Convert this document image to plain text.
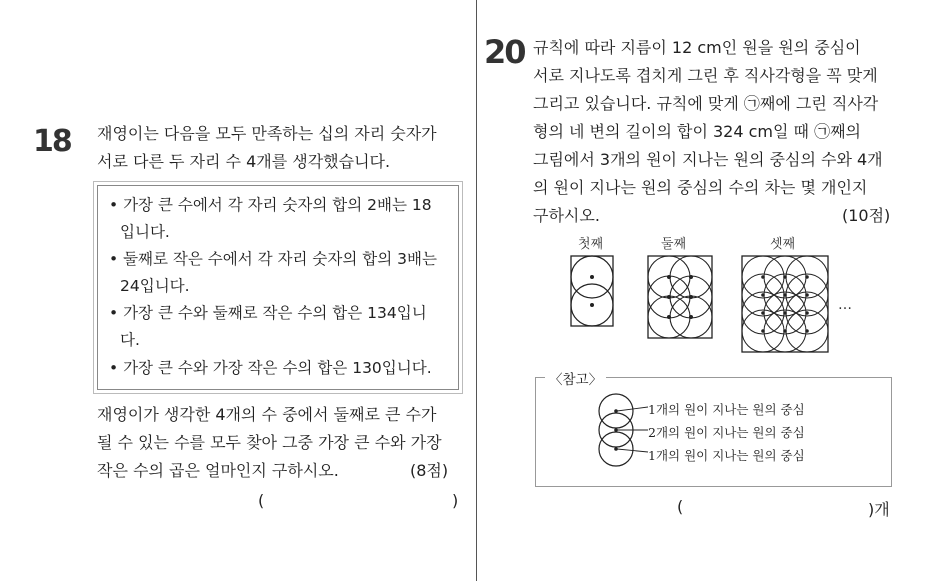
18 재영이는 다음을 모두 만족하는 십의 자리 숫자가
서로 다른 두 자리 수 4개를 생각했습니다.
• 가장 큰 수에서 각 자리 숫자의 합의 2배는 18
입니다.
• 둘째로 작은 수에서 각 자리 숫자의 합의 3배는
24입니다.
• 가장 큰 수와 둘째로 작은 수의 합은 134입니
다.
• 가장 큰 수와 가장 작은 수의 합은 130입니다.
재영이가 생각한 4개의 수 중에서 둘째로 큰 수가
될 수 있는 수를 모두 찾아 그중 가장 큰 수와 가장
작은 수의 곱은 얼마인지 구하시오.	(8점)
(	)
20 규칙에 따라 지름이 12 cm인 원을 원의 중심이
서로 지나도록 겹치게 그린 후 직사각형을 꼭 맞게
그리고 있습니다. 규칙에 맞게 ㉠째에 그린 직사각
형의 네 변의 길이의 합이 324 cm일 때 ㉠째의
그림에서 3개의 원이 지나는 원의 중심의 수와 4개
의 원이 지나는 원의 중심의 수의 차는 몇 개인지
구하시오.	(10점)
첫째	둘째	셋째
…
〈참고〉
1개의 원이 지나는 원의 중심
2개의 원이 지나는 원의 중심
1개의 원이 지나는 원의 중심
(	)개
